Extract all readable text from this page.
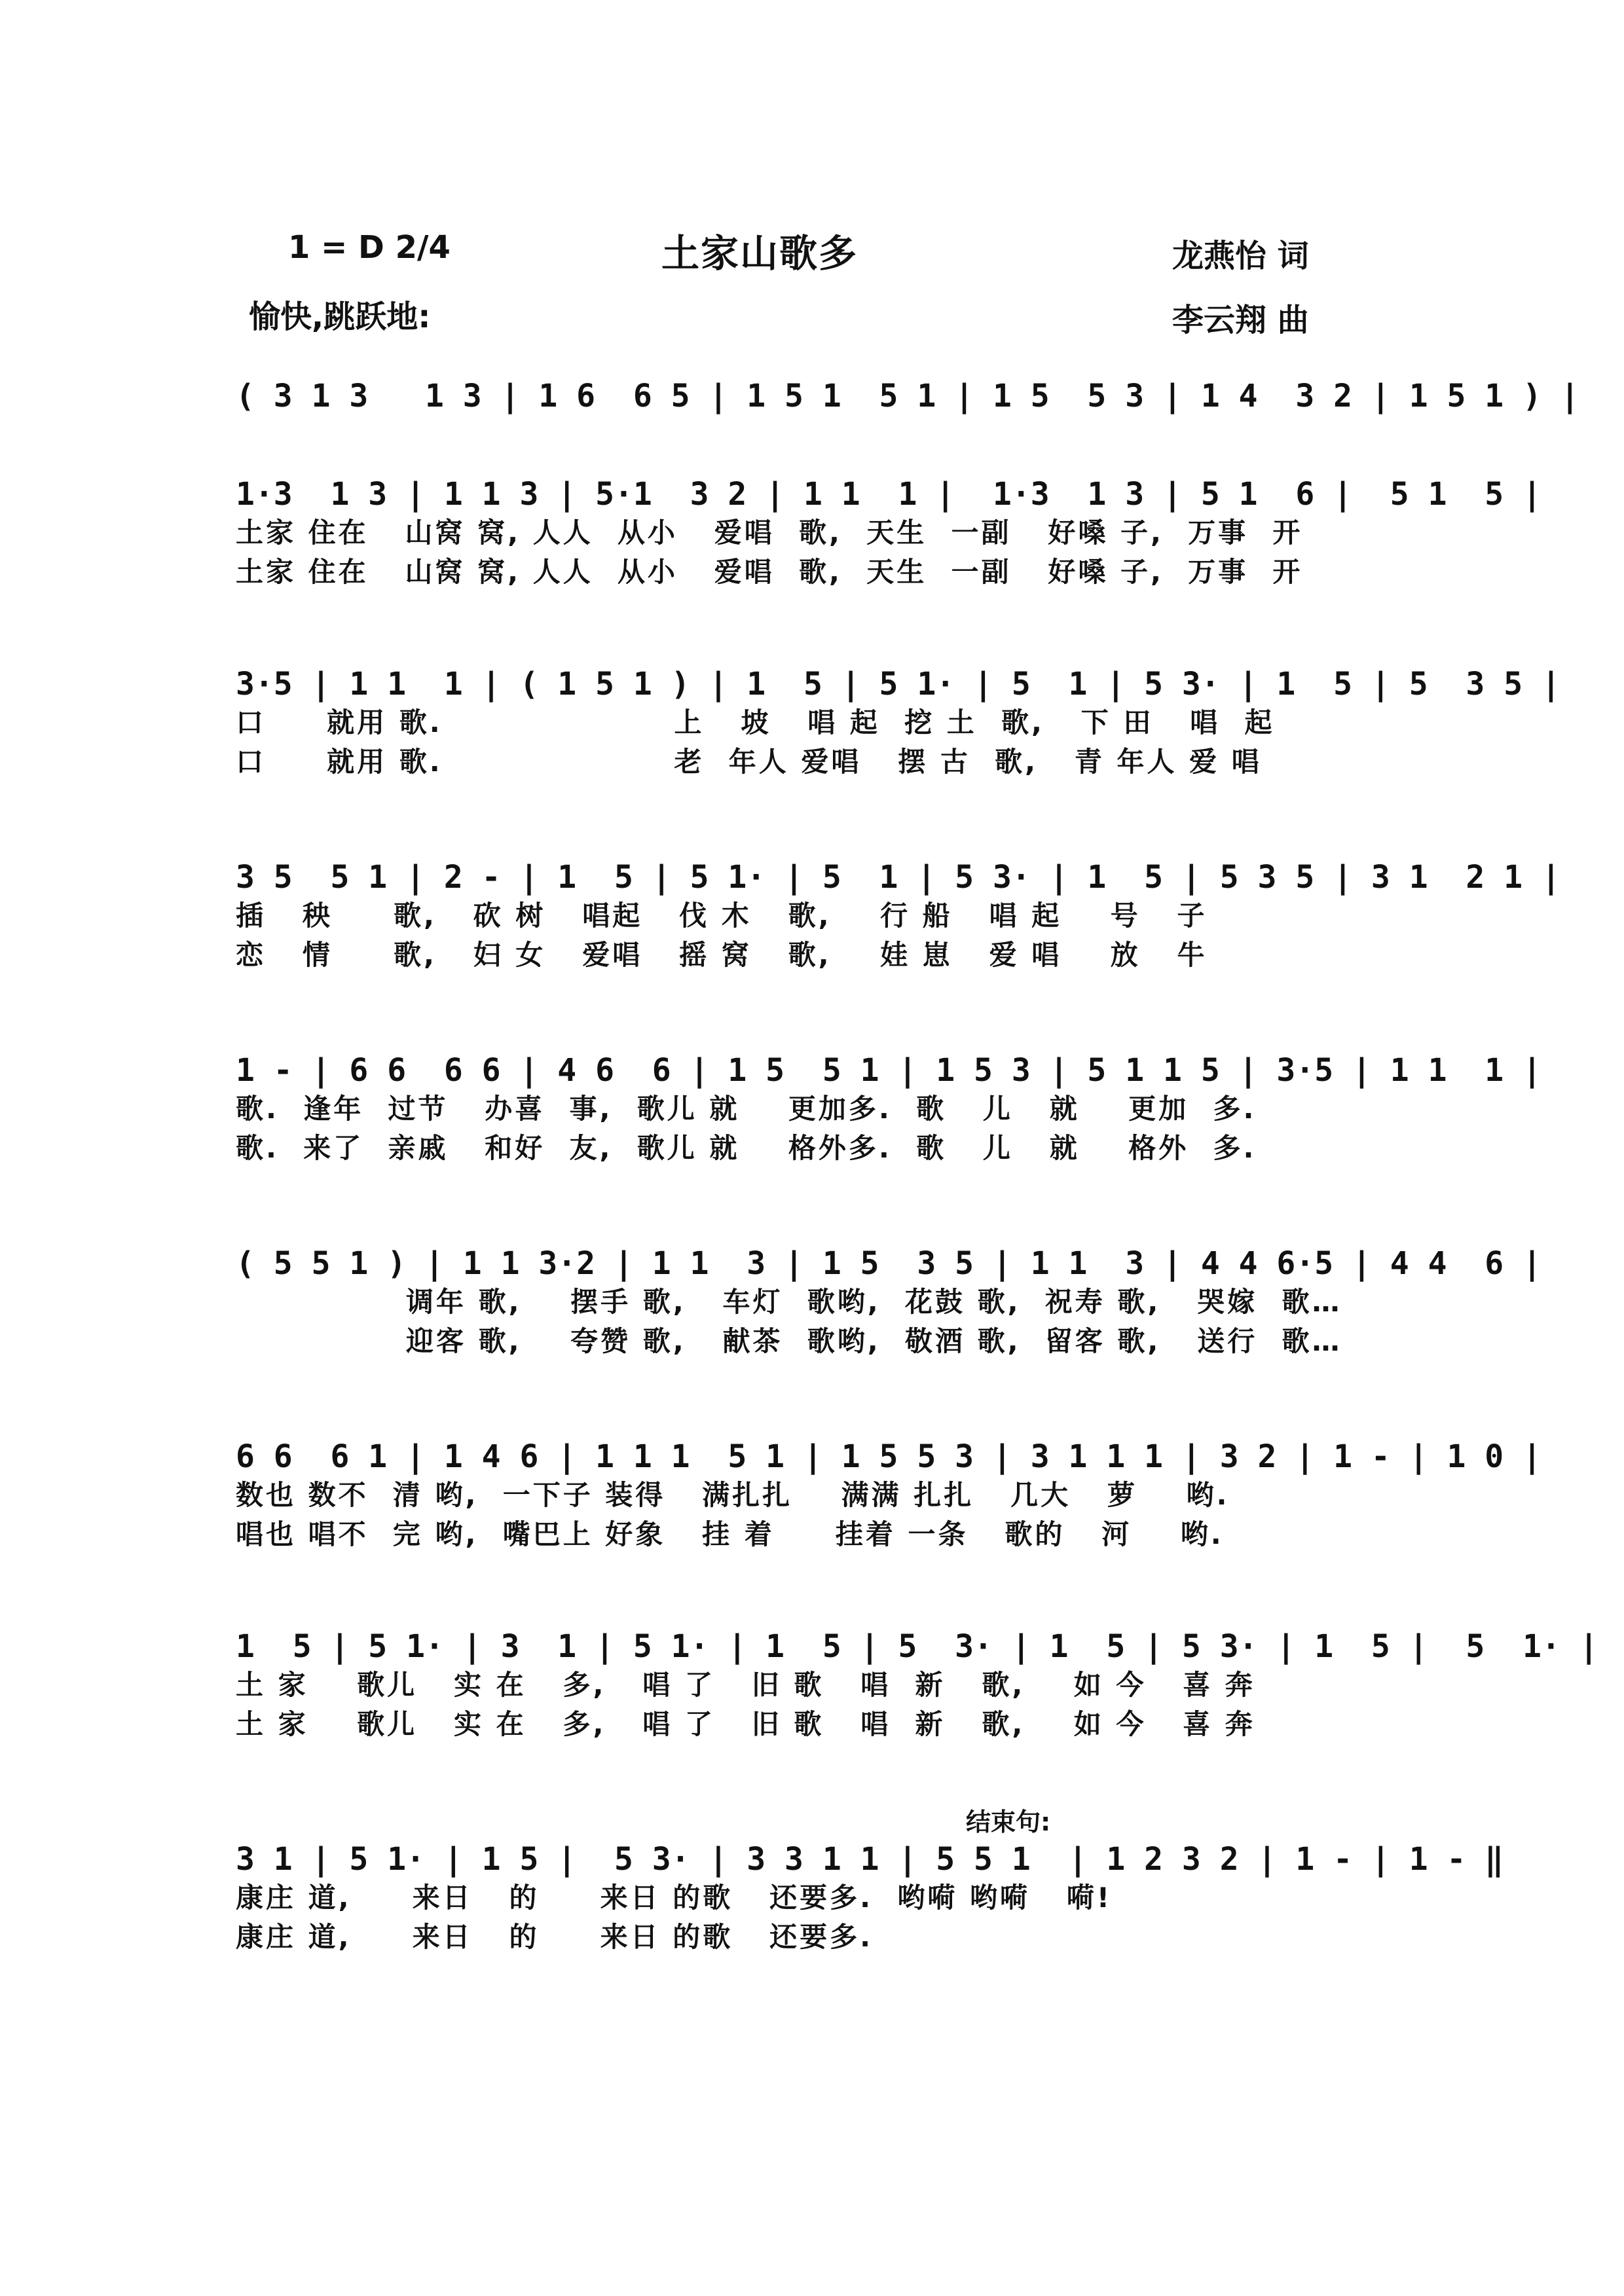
1 = D 2/4	土家山歌多	龙燕怡 词
愉快,跳跃地:	李云翔 曲
( 3 1 3   1 3 | 1 6  6 5 | 1 5 1  5 1 | 1 5  5 3 | 1 4  3 2 | 1 5 1 ) |
1·3  1 3 | 1 1 3 | 5·1  3 2 | 1 1  1 |  1·3  1 3 | 5 1  6 |  5 1  5 |
土家 住在   山窝 窝, 人人  从小   爱唱  歌,  天生  一副   好嗓 子,  万事  开
土家 住在   山窝 窝, 人人  从小   爱唱  歌,  天生  一副   好嗓 子,  万事  开
3·5 | 1 1  1 | ( 1 5 1 ) | 1  5 | 5 1· | 5  1 | 5 3· | 1  5 | 5  3 5 |
口     就用 歌.                   上   坡   唱 起  挖 土  歌,   下 田   唱  起
口     就用 歌.                   老  年人 爱唱   摆 古  歌,   青 年人 爱 唱
3 5  5 1 | 2 - | 1  5 | 5 1· | 5  1 | 5 3· | 1  5 | 5 3 5 | 3 1  2 1 |
插   秧     歌,   砍 树   唱起   伐 木   歌,    行 船   唱 起    号   子
恋   情     歌,   妇 女   爱唱   摇 窝   歌,    娃 崽   爱 唱    放   牛
1 - | 6 6  6 6 | 4 6  6 | 1 5  5 1 | 1 5 3 | 5 1 1 5 | 3·5 | 1 1  1 |
歌.  逢年  过节   办喜  事,  歌儿 就    更加多.  歌   儿   就    更加  多.
歌.  来了  亲戚   和好  友,  歌儿 就    格外多.  歌   儿   就    格外  多.
( 5 5 1 ) | 1 1 3·2 | 1 1  3 | 1 5  3 5 | 1 1  3 | 4 4 6·5 | 4 4  6 |
调年 歌,    摆手 歌,   车灯  歌哟,  花鼓 歌,  祝寿 歌,   哭嫁  歌…
迎客 歌,    夸赞 歌,   献茶  歌哟,  敬酒 歌,  留客 歌,   送行  歌…
6 6  6 1 | 1 4 6 | 1 1 1  5 1 | 1 5 5 3 | 3 1 1 1 | 3 2 | 1 - | 1 0 |
数也 数不  清 哟,  一下子 装得   满扎扎    满满 扎扎   几大   萝    哟.
唱也 唱不  完 哟,  嘴巴上 好象   挂 着     挂着 一条   歌的   河    哟.
1  5 | 5 1· | 3  1 | 5 1· | 1  5 | 5  3· | 1  5 | 5 3· | 1  5 |  5  1· |
土 家    歌儿   实 在   多,   唱 了   旧 歌   唱  新   歌,    如 今   喜 奔
土 家    歌儿   实 在   多,   唱 了   旧 歌   唱  新   歌,    如 今   喜 奔
结束句:
3 1 | 5 1· | 1 5 |  5 3· | 3 3 1 1 | 5 5 1  | 1 2 3 2 | 1 - | 1 - ‖
康庄 道,     来日   的     来日 的歌   还要多.  哟嗬 哟嗬   嗬!
康庄 道,     来日   的     来日 的歌   还要多.
